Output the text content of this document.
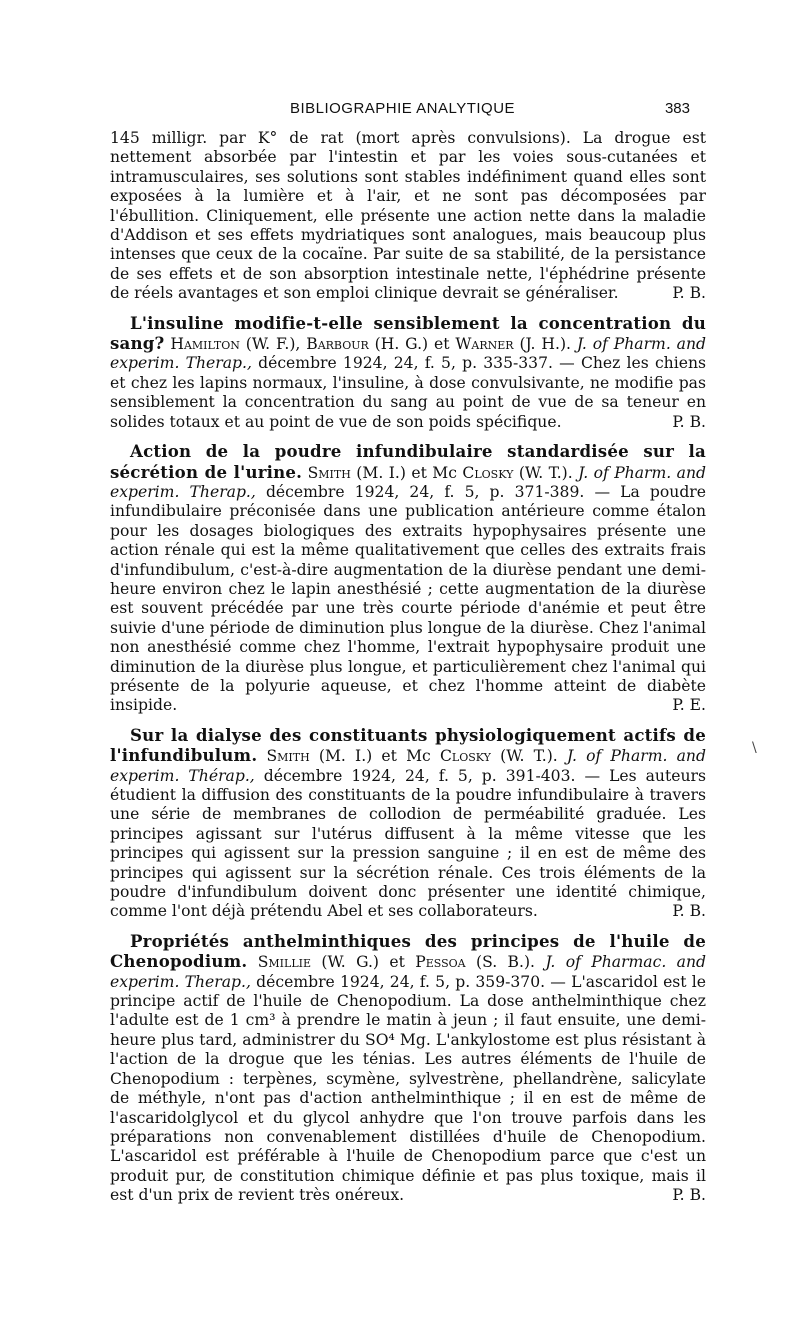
BIBLIOGRAPHIE ANALYTIQUE	383
\

145 milligr. par K° de rat (mort après convulsions). La drogue est nettement absorbée par l'intestin et par les voies sous-cutanées et intramusculaires, ses solutions sont stables indéfiniment quand elles sont exposées à la lumière et à l'air, et ne sont pas décomposées par l'ébullition. Cliniquement, elle présente une action nette dans la maladie d'Addison et ses effets mydriatiques sont analogues, mais beaucoup plus intenses que ceux de la cocaïne. Par suite de sa stabilité, de la persistance de ses effets et de son absorption intestinale nette, l'éphédrine présente de réels avantages et son emploi clinique devrait se généraliser.	P. B.

L'insuline modifie-t-elle sensiblement la concentration du sang? Hamilton (W. F.), Barbour (H. G.) et Warner (J. H.). J. of Pharm. and experim. Therap., décembre 1924, 24, f. 5, p. 335-337. — Chez les chiens et chez les lapins normaux, l'insuline, à dose convulsivante, ne modifie pas sensiblement la concentration du sang au point de vue de sa teneur en solides totaux et au point de vue de son poids spécifique.	P. B.

Action de la poudre infundibulaire standardisée sur la sécrétion de l'urine. Smith (M. I.) et Mc Closky (W. T.). J. of Pharm. and experim. Therap., décembre 1924, 24, f. 5, p. 371-389. — La poudre infundibulaire préconisée dans une publication antérieure comme étalon pour les dosages biologiques des extraits hypophysaires présente une action rénale qui est la même qualitativement que celles des extraits frais d'infundibulum, c'est-à-dire augmentation de la diurèse pendant une demi-heure environ chez le lapin anesthésié ; cette augmentation de la diurèse est souvent précédée par une très courte période d'anémie et peut être suivie d'une période de diminution plus longue de la diurèse. Chez l'animal non anesthésié comme chez l'homme, l'extrait hypophysaire produit une diminution de la diurèse plus longue, et particulièrement chez l'animal qui présente de la polyurie aqueuse, et chez l'homme atteint de diabète insipide.	P. E.

Sur la dialyse des constituants physiologiquement actifs de l'infundibulum. Smith (M. I.) et Mc Closky (W. T.). J. of Pharm. and experim. Thérap., décembre 1924, 24, f. 5, p. 391-403. — Les auteurs étudient la diffusion des constituants de la poudre infundibulaire à travers une série de membranes de collodion de perméabilité graduée. Les principes agissant sur l'utérus diffusent à la même vitesse que les principes qui agissent sur la pression sanguine ; il en est de même des principes qui agissent sur la sécrétion rénale. Ces trois éléments de la poudre d'infundibulum doivent donc présenter une identité chimique, comme l'ont déjà prétendu Abel et ses collaborateurs.	P. B.

Propriétés anthelminthiques des principes de l'huile de Chenopodium. Smillie (W. G.) et Pessoa (S. B.). J. of Pharmac. and experim. Therap., décembre 1924, 24, f. 5, p. 359-370. — L'ascaridol est le principe actif de l'huile de Chenopodium. La dose anthelminthique chez l'adulte est de 1 cm³ à prendre le matin à jeun ; il faut ensuite, une demi-heure plus tard, administrer du SO⁴ Mg. L'ankylostome est plus résistant à l'action de la drogue que les ténias. Les autres éléments de l'huile de Chenopodium : terpènes, scymène, sylvestrène, phellandrène, salicylate de méthyle, n'ont pas d'action anthelminthique ; il en est de même de l'ascaridolglycol et du glycol anhydre que l'on trouve parfois dans les préparations non convenablement distillées d'huile de Chenopodium. L'ascaridol est préférable à l'huile de Chenopodium parce que c'est un produit pur, de constitution chimique définie et pas plus toxique, mais il est d'un prix de revient très onéreux.	P. B.
